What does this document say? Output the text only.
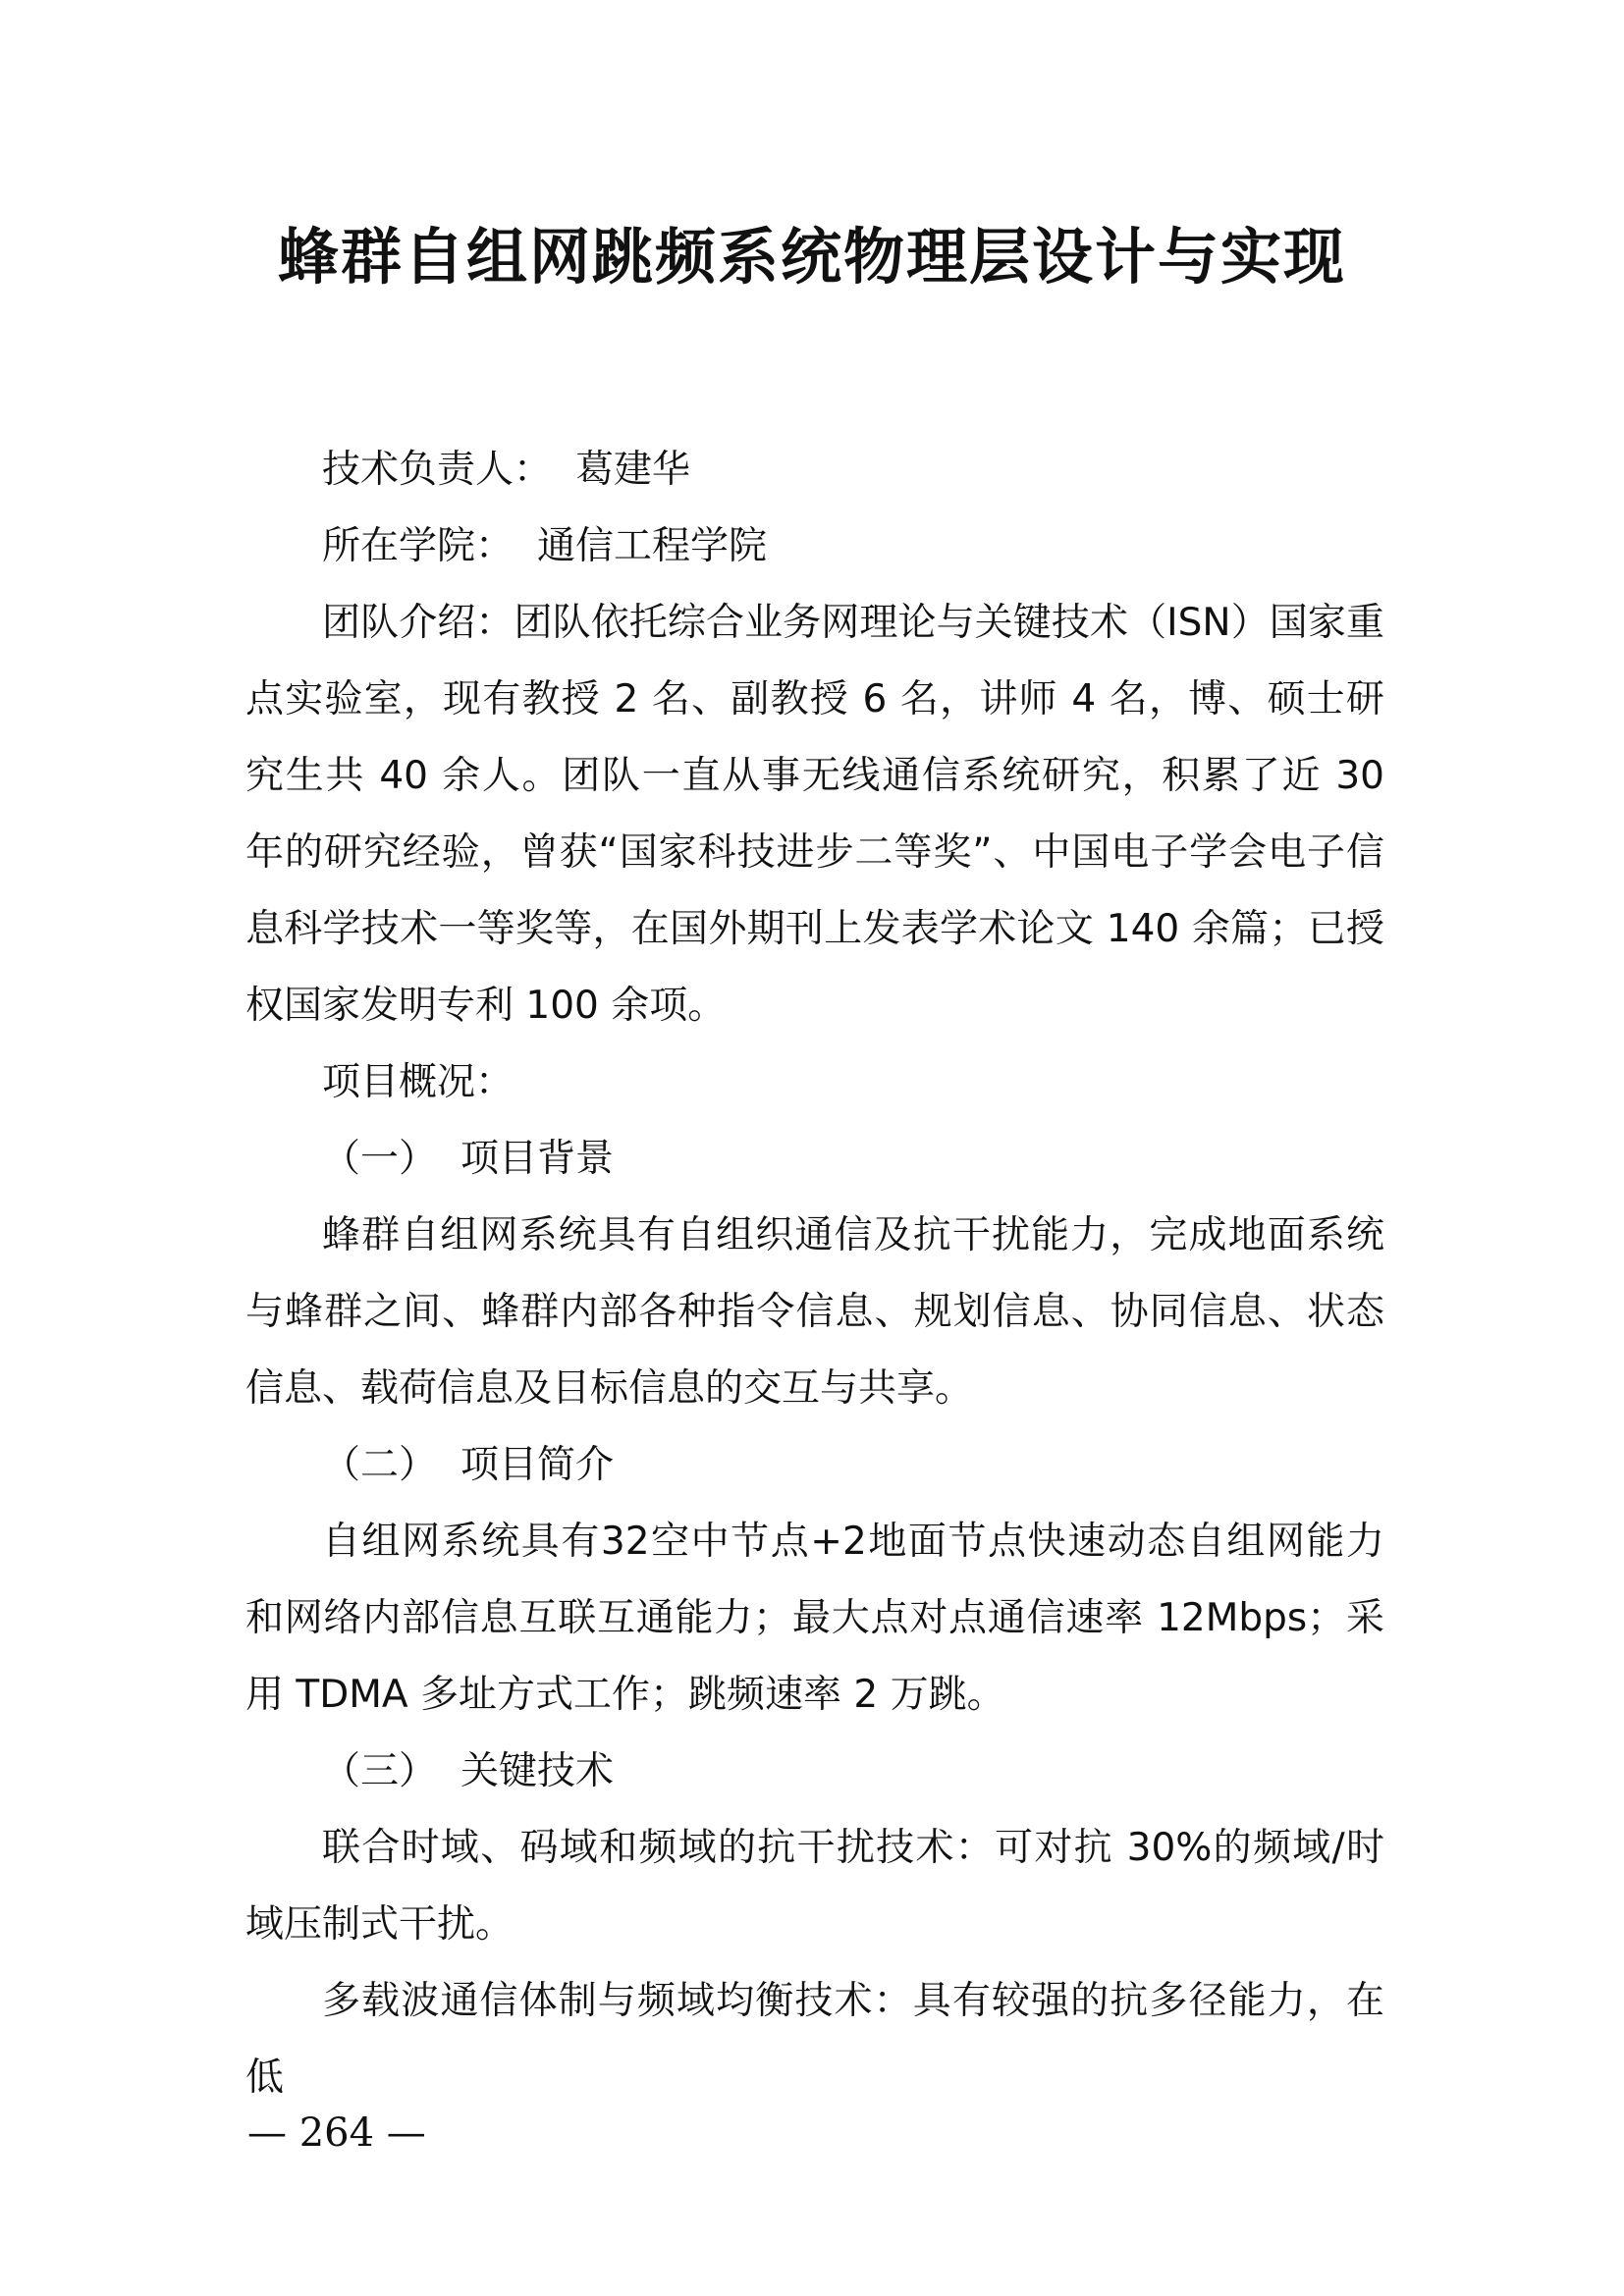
蜂群自组网跳频系统物理层设计与实现

技术负责人： 葛建华

所在学院： 通信工程学院

团队介绍：团队依托综合业务网理论与关键技术（ISN）国家重点实验室，现有教授 2 名、副教授 6 名，讲师 4 名，博、硕士研究生共 40 余人。团队一直从事无线通信系统研究，积累了近 30 年的研究经验，曾获“国家科技进步二等奖”、中国电子学会电子信息科学技术一等奖等，在国外期刊上发表学术论文 140 余篇；已授权国家发明专利 100 余项。

项目概况：

（一） 项目背景

蜂群自组网系统具有自组织通信及抗干扰能力，完成地面系统与蜂群之间、蜂群内部各种指令信息、规划信息、协同信息、状态信息、载荷信息及目标信息的交互与共享。

（二） 项目简介

自组网系统具有32空中节点+2地面节点快速动态自组网能力和网络内部信息互联互通能力；最大点对点通信速率 12Mbps；采用 TDMA 多址方式工作；跳频速率 2 万跳。

（三） 关键技术

联合时域、码域和频域的抗干扰技术：可对抗 30%的频域/时域压制式干扰。

多载波通信体制与频域均衡技术：具有较强的抗多径能力，在低

— 264 —
